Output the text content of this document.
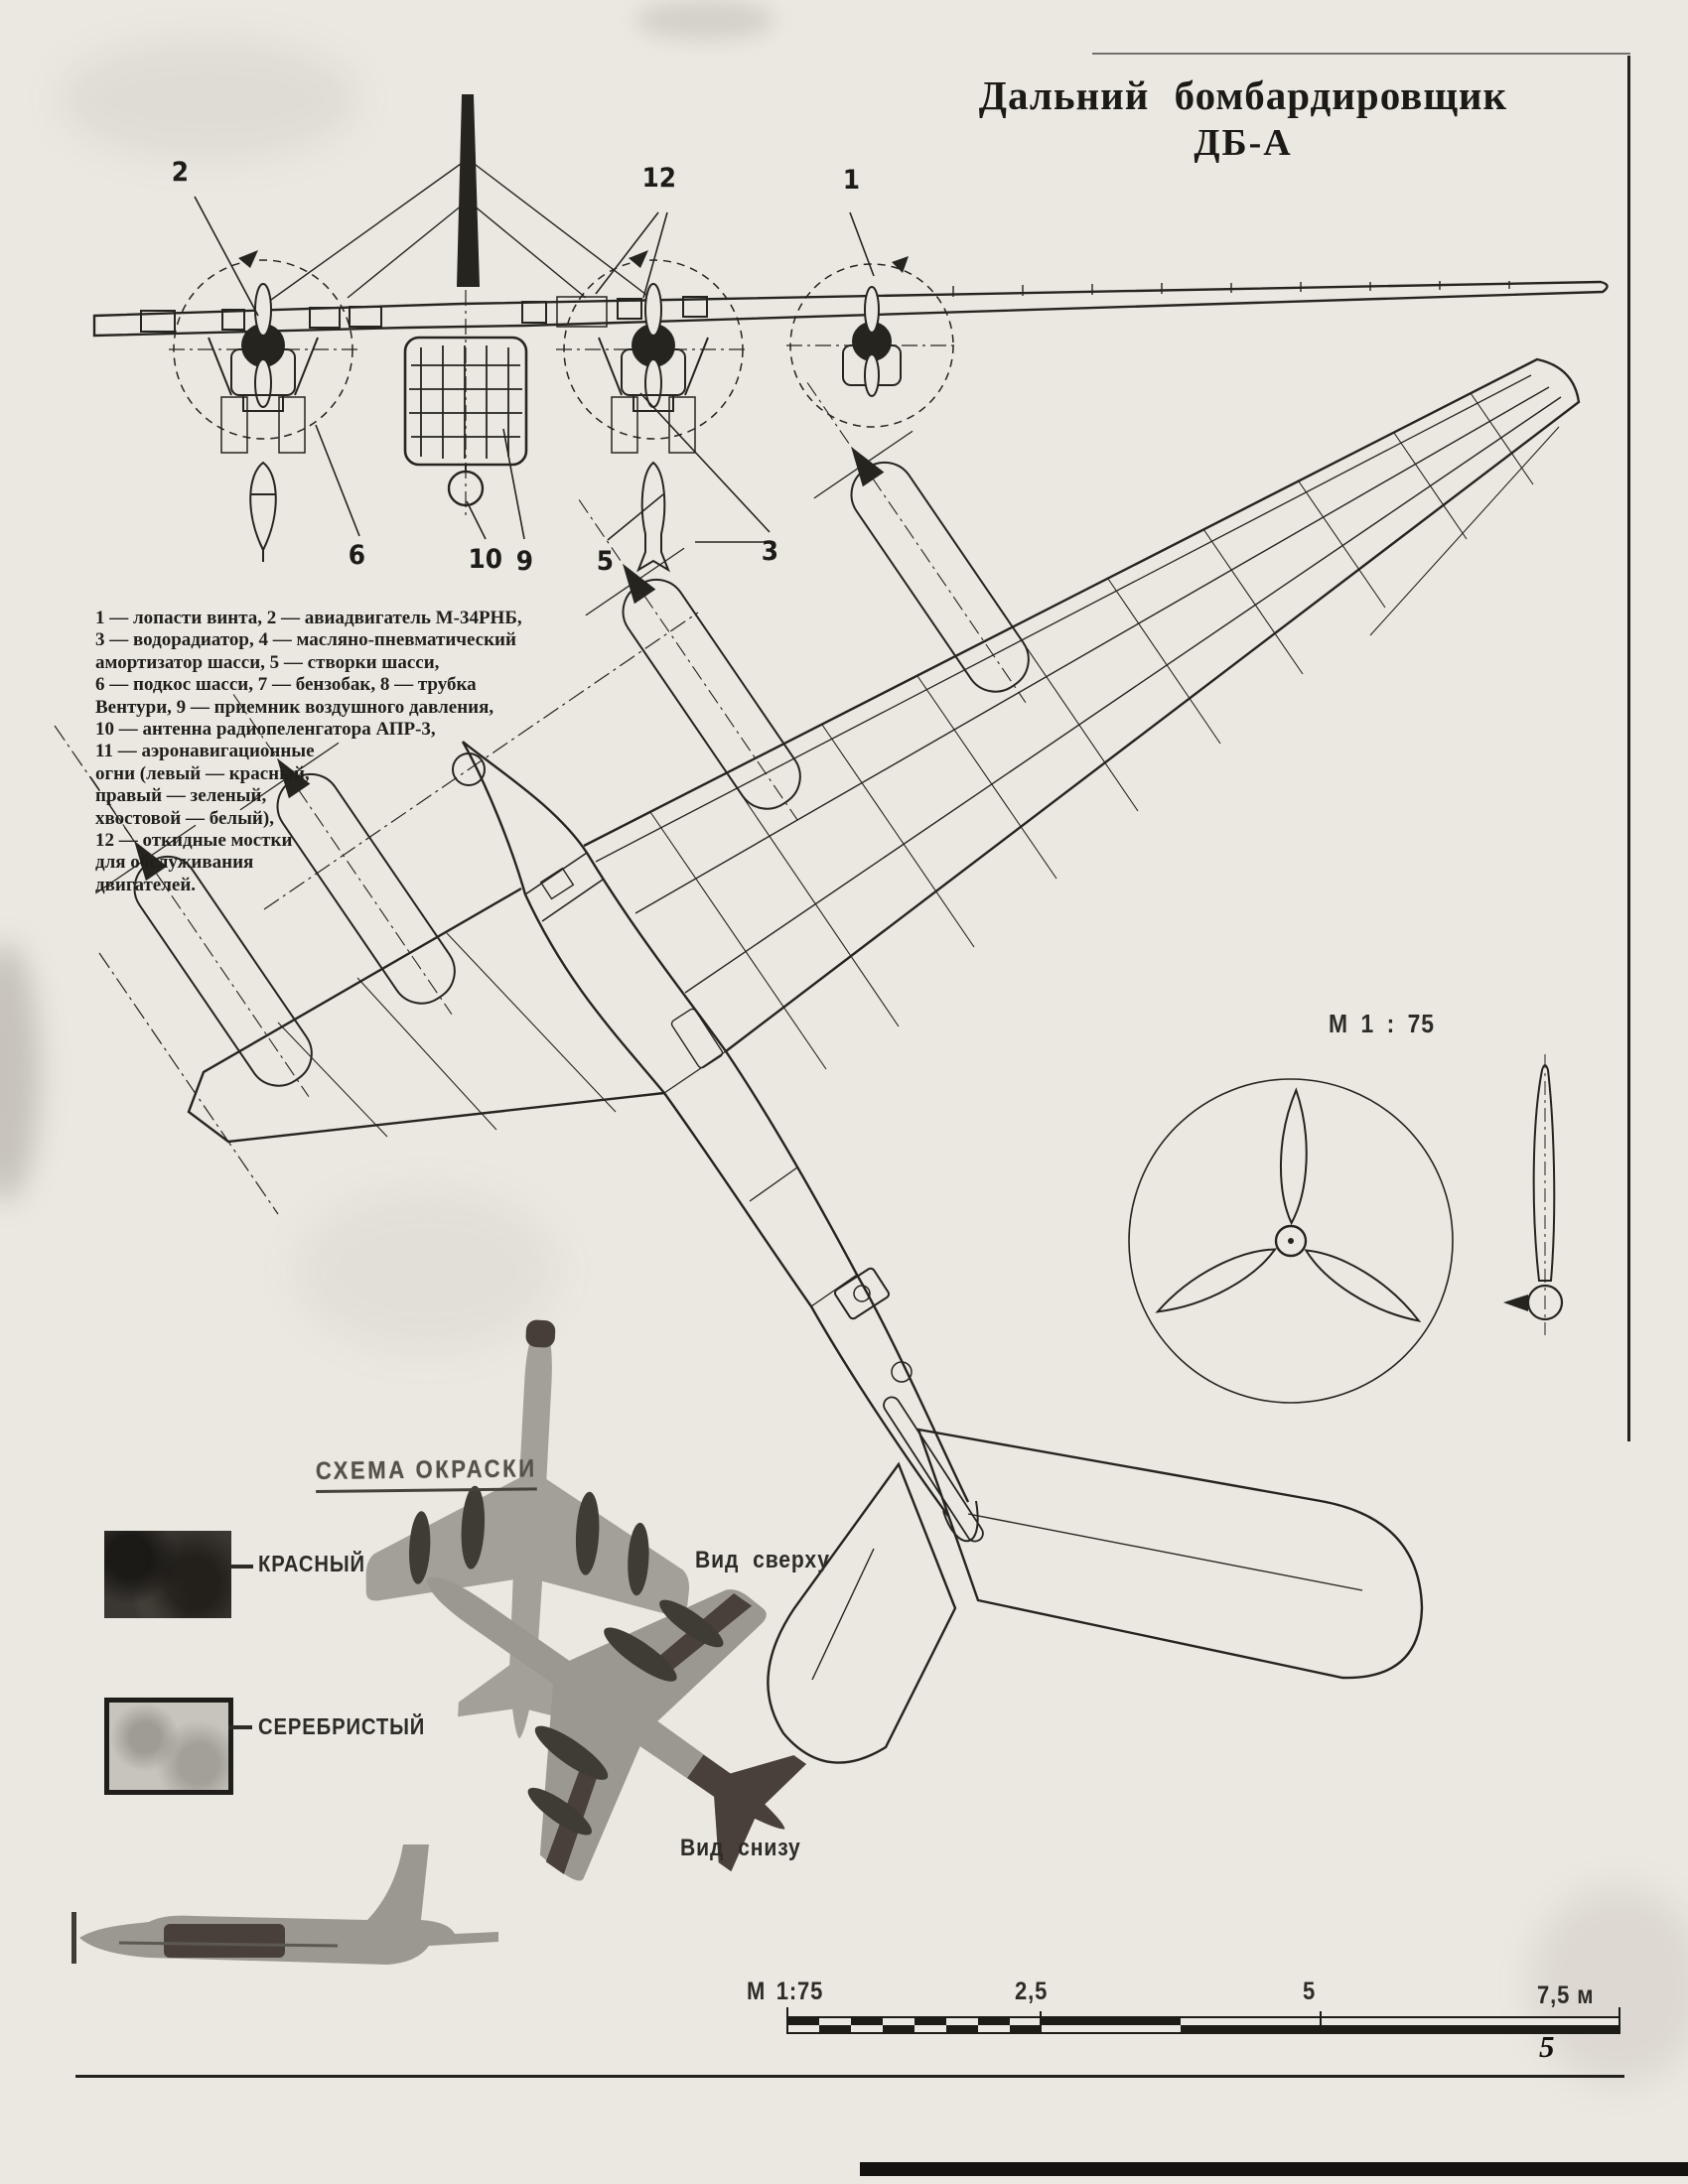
Дальний бомбардировщик
ДБ-А
2	12	1
6	10 9 5	3
1 — лопасти винта, 2 — авиадвигатель М-34РНБ,
3 — водорадиатор, 4 — масляно-пневматический
амортизатор шасси, 5 — створки шасси,
6 — подкос шасси, 7 — бензобак, 8 — трубка
Вентури, 9 — приемник воздушного давления,
10 — антенна радиопеленгатора АПР-3,
11 — аэронавигационные
огни (левый — красный,
правый — зеленый,
хвостовой — белый),
12 — откидные мостки
для обслуживания
двигателей.
М 1 : 75
СХЕМА ОКРАСКИ
КРАСНЫЙ
СЕРЕБРИСТЫЙ
Вид сверху
Вид снизу
М 1:75	2,5	5	7,5 м
5
